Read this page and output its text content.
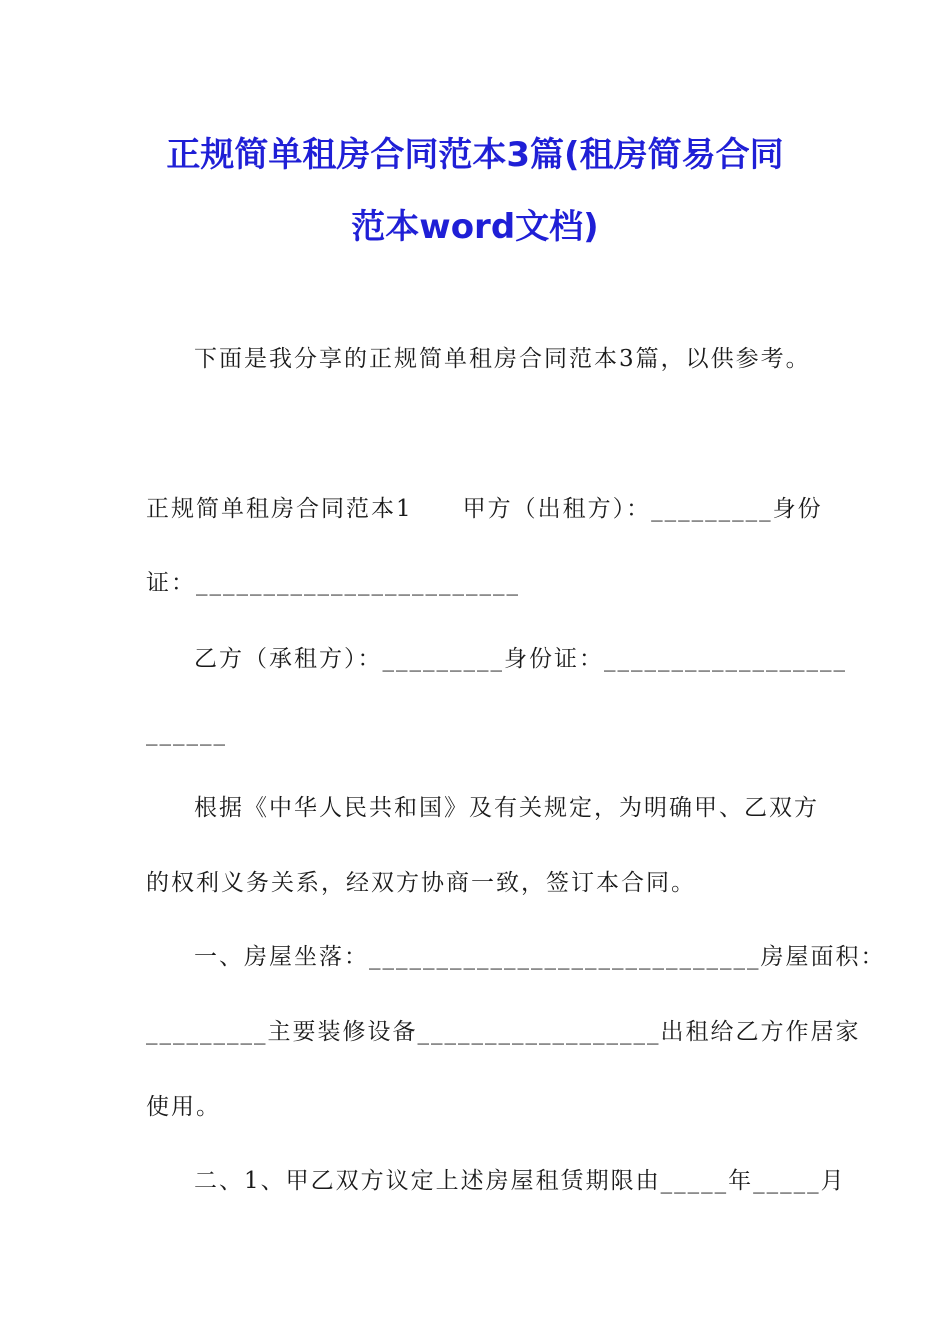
正规简单租房合同范本3篇(租房简易合同
范本word文档)
下面是我分享的正规简单租房合同范本3篇，以供参考。
正规简单租房合同范本1　　甲方（出租方）：_________身份
证：________________________
乙方（承租方）：_________身份证：__________________
______
根据《中华人民共和国》及有关规定，为明确甲、乙双方
的权利义务关系，经双方协商一致，签订本合同。
一、房屋坐落：_____________________________房屋面积：
_________主要装修设备__________________出租给乙方作居家
使用。
二、1、甲乙双方议定上述房屋租赁期限由_____年_____月
